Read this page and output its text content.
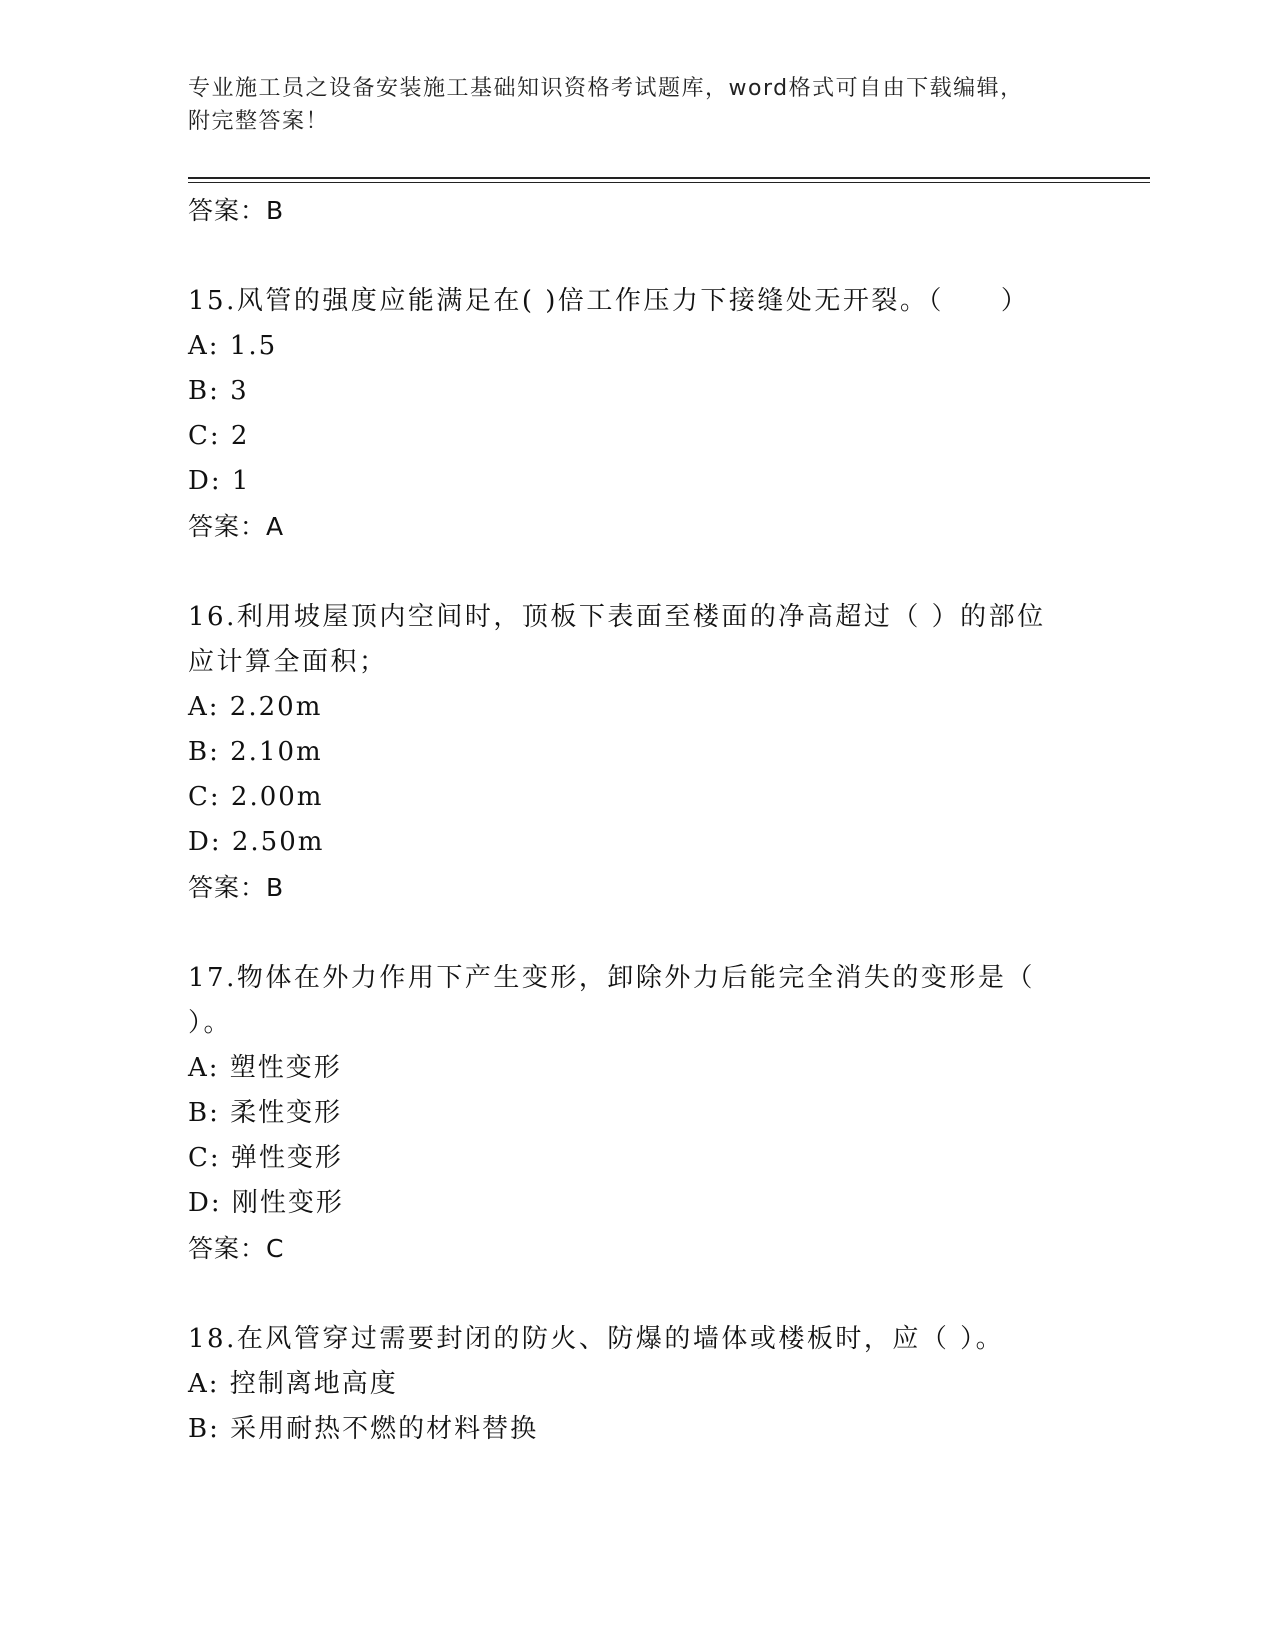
专业施工员之设备安装施工基础知识资格考试题库，word格式可自由下载编辑，
附完整答案！

答案：B

15.风管的强度应能满足在( )倍工作压力下接缝处无开裂。（　　）

A: 1.5

B: 3

C: 2

D: 1

答案：A

16.利用坡屋顶内空间时，顶板下表面至楼面的净高超过（ ）的部位应计算全面积；

A: 2.20m

B: 2.10m

C: 2.00m

D: 2.50m

答案：B

17.物体在外力作用下产生变形，卸除外力后能完全消失的变形是（ ）。

A: 塑性变形

B: 柔性变形

C: 弹性变形

D: 刚性变形

答案：C

18.在风管穿过需要封闭的防火、防爆的墙体或楼板时，应（ ）。

A: 控制离地高度

B: 采用耐热不燃的材料替换
